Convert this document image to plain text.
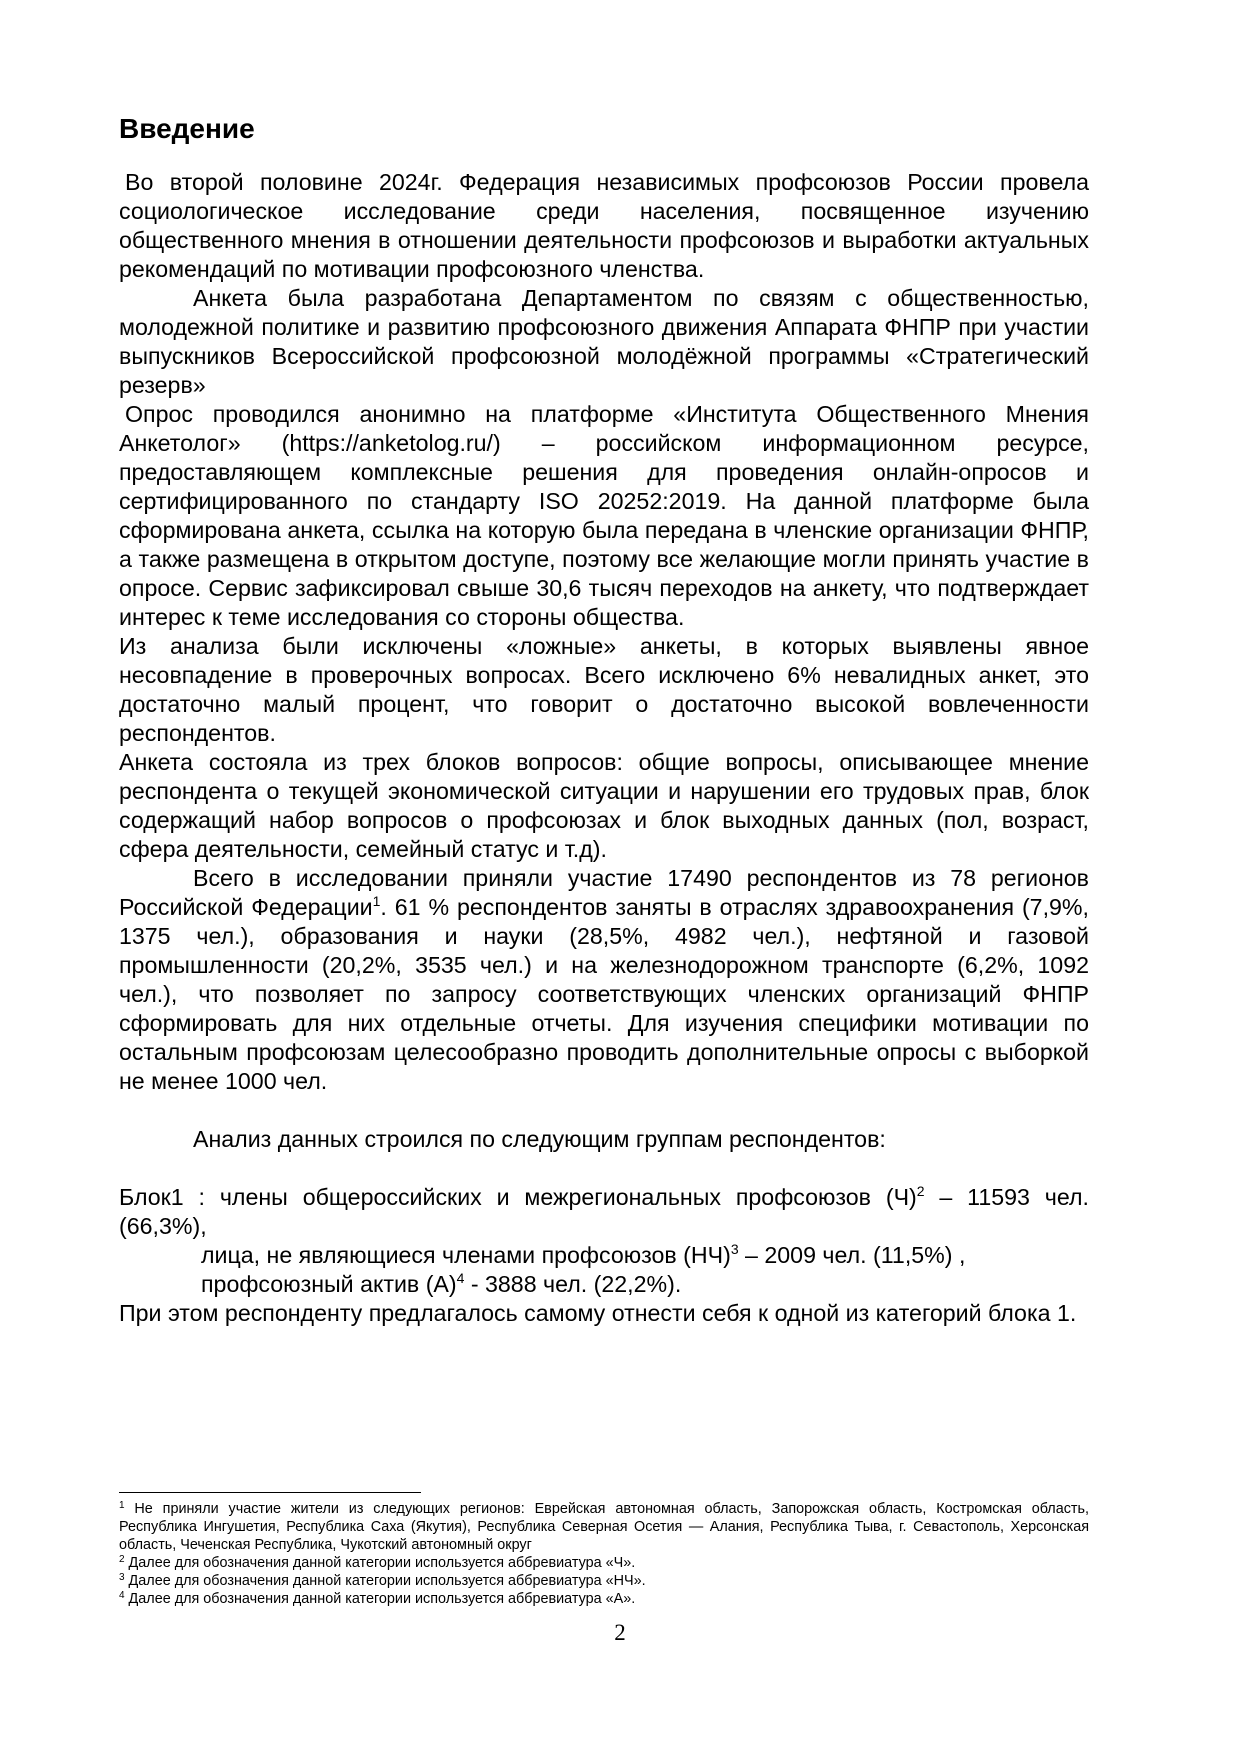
Введение

Во второй половине 2024г. Федерация независимых профсоюзов России провела социологическое исследование среди населения, посвященное изучению общественного мнения в отношении деятельности профсоюзов и выработки актуальных рекомендаций по мотивации профсоюзного членства.

Анкета была разработана Департаментом по связям с общественностью, молодежной политике и развитию профсоюзного движения Аппарата ФНПР при участии выпускников Всероссийской профсоюзной молодёжной программы «Стратегический резерв»

Опрос проводился анонимно на платформе «Института Общественного Мнения Анкетолог» (https://anketolog.ru/) – российском информационном ресурсе, предоставляющем комплексные решения для проведения онлайн-опросов и сертифицированного по стандарту ISO 20252:2019. На данной платформе была сформирована анкета, ссылка на которую была передана в членские организации ФНПР, а также размещена в открытом доступе, поэтому все желающие могли принять участие в опросе. Сервис зафиксировал свыше 30,6 тысяч переходов на анкету, что подтверждает интерес к теме исследования со стороны общества.

Из анализа были исключены «ложные» анкеты, в которых выявлены явное несовпадение в проверочных вопросах. Всего исключено 6% невалидных анкет, это достаточно малый процент, что говорит о достаточно высокой вовлеченности респондентов.

Анкета состояла из трех блоков вопросов: общие вопросы, описывающее мнение респондента о текущей экономической ситуации и нарушении его трудовых прав, блок содержащий набор вопросов о профсоюзах и блок выходных данных (пол, возраст, сфера деятельности, семейный статус и т.д).

Всего в исследовании приняли участие 17490 респондентов из 78 регионов Российской Федерации$^1$. 61 % респондентов заняты в отраслях здравоохранения (7,9%, 1375 чел.), образования и науки (28,5%, 4982 чел.), нефтяной и газовой промышленности (20,2%, 3535 чел.) и на железнодорожном транспорте (6,2%, 1092 чел.), что позволяет по запросу соответствующих членских организаций ФНПР сформировать для них отдельные отчеты. Для изучения специфики мотивации по остальным профсоюзам целесообразно проводить дополнительные опросы с выборкой не менее 1000 чел.

Анализ данных строился по следующим группам респондентов:

Блок1 : члены общероссийских и межрегиональных профсоюзов $(Ч)^2 - 11593$ чел. (66,3%),

лица, не являющиеся членами профсоюзов (НЧ)$^3$ – 2009 чел. (11,5%) ,

профсоюзный актив $(А)^4 - 3888$ чел. (22,2%).

При этом респонденту предлагалось самому отнести себя к одной из категорий блока 1.

$^1$ Не приняли участие жители из следующих регионов: Еврейская автономная область, Запорожская область, Костромская область, Республика Ингушетия, Республика Саха (Якутия), Республика Северная Осетия — Алания, Республика Тыва, г. Севастополь, Херсонская область, Чеченская Республика, Чукотский автономный округ

$^2$ Далее для обозначения данной категории используется аббревиатура «Ч».

$^3$ Далее для обозначения данной категории используется аббревиатура «НЧ».

$^4$ Далее для обозначения данной категории используется аббревиатура «А».

2
